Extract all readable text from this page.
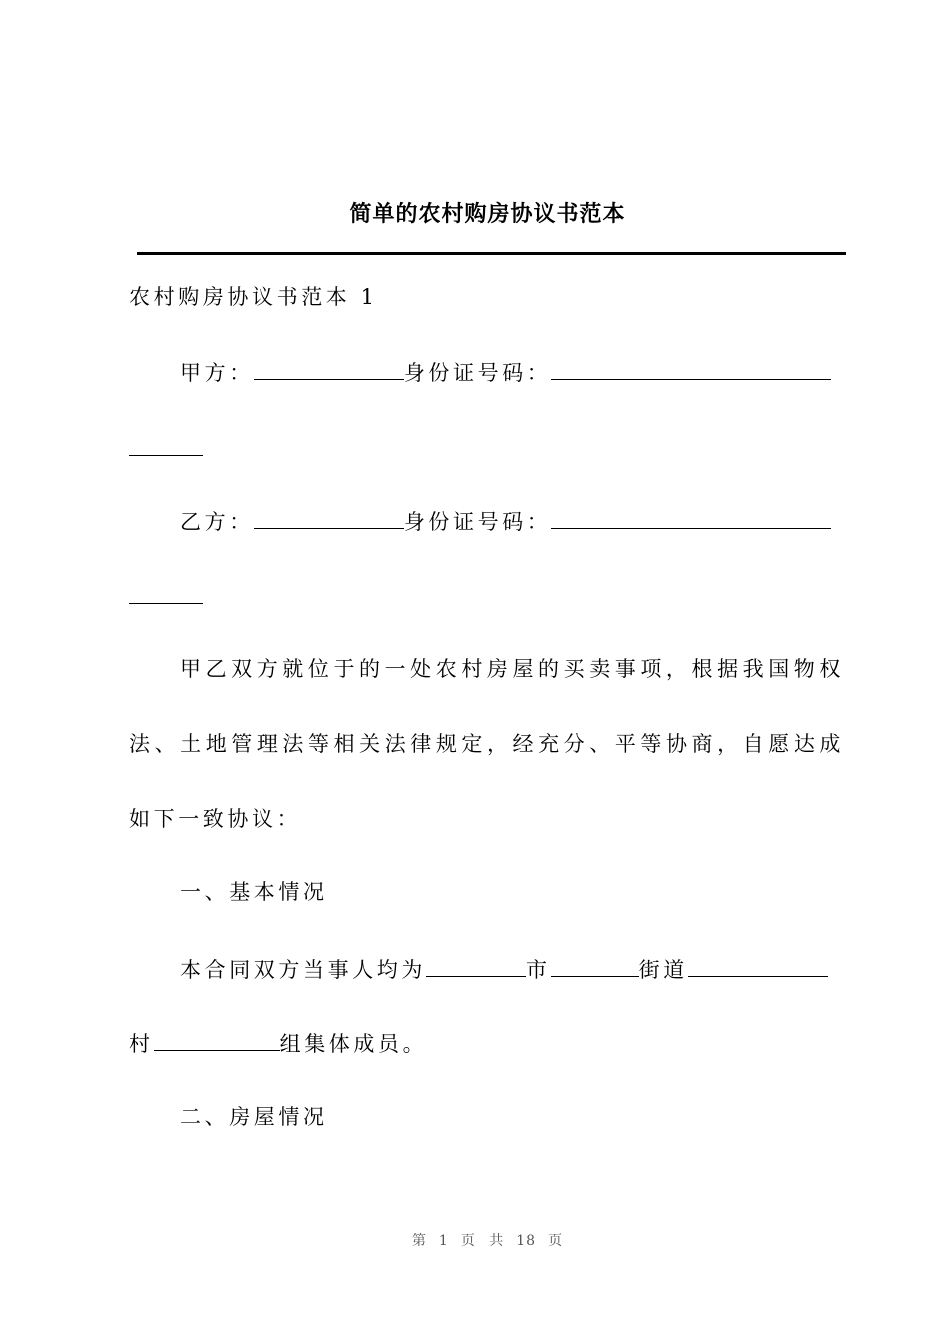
简单的农村购房协议书范本
农村购房协议书范本 1
甲方：	身份证号码：
乙方：	身份证号码：
甲乙双方就位于的一处农村房屋的买卖事项，根据我国物权
法、土地管理法等相关法律规定，经充分、平等协商，自愿达成
如下一致协议：
一、基本情况
本合同双方当事人均为	市	街道
村	组集体成员。
二、房屋情况
第 1 页 共 18 页
